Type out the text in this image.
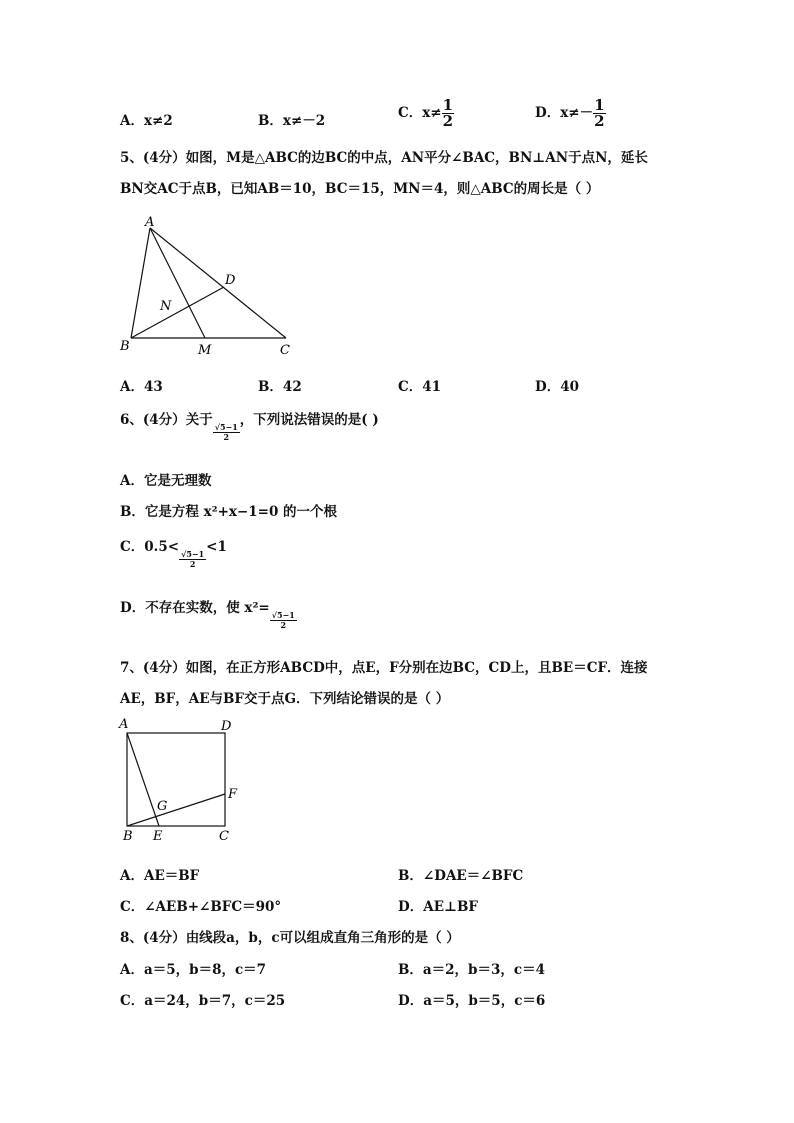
A．x≠2	B．x≠－2	C．$x\ne \frac{1}{2}$	D．$x\ne- \frac{1}{2}$
5、(4分）如图，M是△ABC的边BC的中点，AN平分∠BAC，BN⊥AN于点N，延长
BN交AC于点B，已知AB＝10，BC＝15，MN＝4，则△ABC的周长是（ ）
A
B	C
D
N
M
A．43	B．42	C．41	D．40
6、(4分）关于
$\frac{√5-1}{2}$
，下列说法错误的是( )
A．它是无理数
B．它是方程 x²+x−1=0 的一个根
C．0.5<
$\frac{√5-1}{2}$
<1
D．不存在实数，使 x²=
$\frac{√5-1}{2}$
7、(4分）如图，在正方形ABCD中，点E，F分别在边BC，CD上，且BE＝CF．连接
AE，BF，AE与BF交于点G．下列结论错误的是（ ）
A	D
B E	C
F
G
A．AE＝BF	B．∠DAE＝∠BFC
C．∠AEB+∠BFC＝90°	D．AE⊥BF
8、(4分）由线段a，b，c可以组成直角三角形的是（ ）
A．a＝5，b＝8，c＝7	B．a＝2，b＝3，c＝4
C．a＝24，b＝7，c＝25	D．a＝5，b＝5，c＝6
